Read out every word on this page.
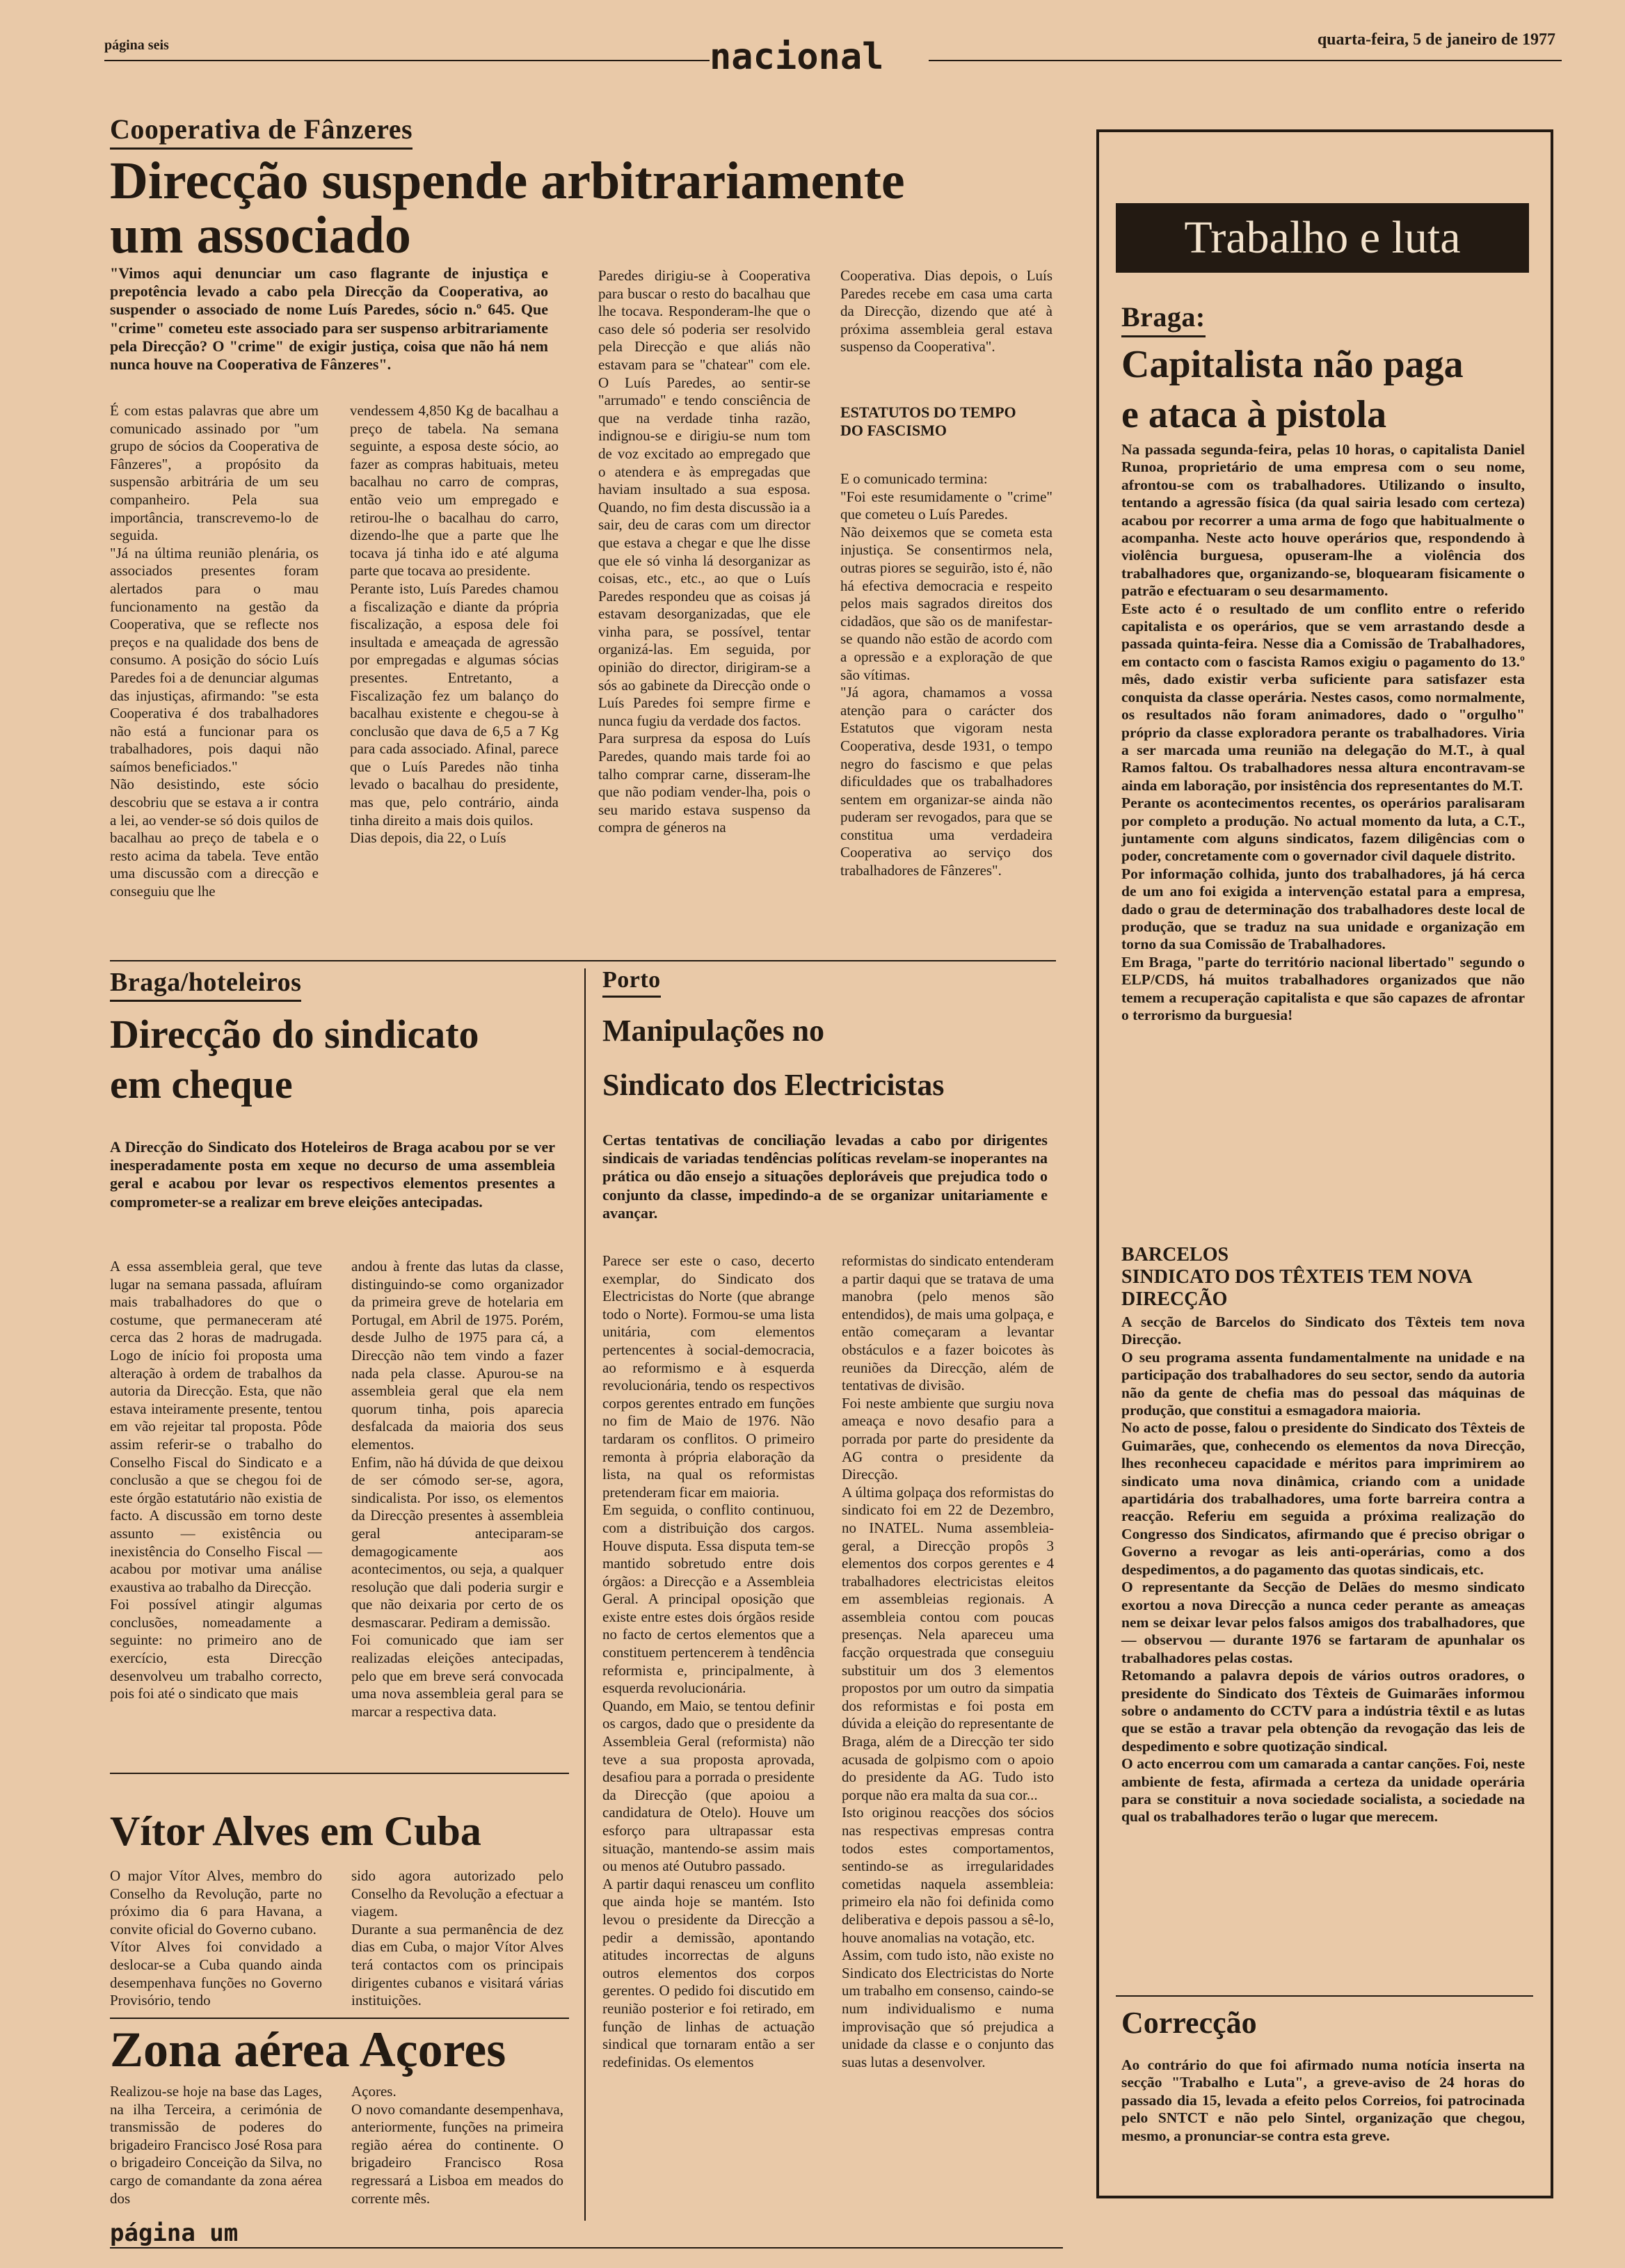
página seis	nacional	quarta-feira, 5 de janeiro de 1977
Cooperativa de Fânzeres
Direcção suspende arbitrariamente
um associado

"Vimos aqui denunciar um caso flagrante de injustiça e prepotência levado a cabo pela Direcção da Cooperativa, ao suspender o associado de nome Luís Paredes, sócio n.º 645. Que "crime" cometeu este associado para ser suspenso arbitrariamente pela Direcção? O "crime" de exigir justiça, coisa que não há nem nunca houve na Cooperativa de Fânzeres".

É com estas palavras que abre um comunicado assinado por "um grupo de sócios da Cooperativa de Fânzeres", a propósito da suspensão arbitrária de um seu companheiro. Pela sua importância, transcrevemo-lo de seguida.
"Já na última reunião plenária, os associados presentes foram alertados para o mau funcionamento na gestão da Cooperativa, que se reflecte nos preços e na qualidade dos bens de consumo. A posição do sócio Luís Paredes foi a de denunciar algumas das injustiças, afirmando: "se esta Cooperativa é dos trabalhadores não está a funcionar para os trabalhadores, pois daqui não saímos beneficiados."
Não desistindo, este sócio descobriu que se estava a ir contra a lei, ao vender-se só dois quilos de bacalhau ao preço de tabela e o resto acima da tabela. Teve então uma discussão com a direcção e conseguiu que lhe

vendessem 4,850 Kg de bacalhau a preço de tabela. Na semana seguinte, a esposa deste sócio, ao fazer as compras habituais, meteu bacalhau no carro de compras, então veio um empregado e retirou-lhe o bacalhau do carro, dizendo-lhe que a parte que lhe tocava já tinha ido e até alguma parte que tocava ao presidente.
Perante isto, Luís Paredes chamou a fiscalização e diante da própria fiscalização, a esposa dele foi insultada e ameaçada de agressão por empregadas e algumas sócias presentes. Entretanto, a Fiscalização fez um balanço do bacalhau existente e chegou-se à conclusão que dava de 6,5 a 7 Kg para cada associado. Afinal, parece que o Luís Paredes não tinha levado o bacalhau do presidente, mas que, pelo contrário, ainda tinha direito a mais dois quilos.
Dias depois, dia 22, o Luís

Paredes dirigiu-se à Cooperativa para buscar o resto do bacalhau que lhe tocava. Responderam-lhe que o caso dele só poderia ser resolvido pela Direcção e que aliás não estavam para se "chatear" com ele. O Luís Paredes, ao sentir-se "arrumado" e tendo consciência de que na verdade tinha razão, indignou-se e dirigiu-se num tom de voz excitado ao empregado que o atendera e às empregadas que haviam insultado a sua esposa. Quando, no fim desta discussão ia a sair, deu de caras com um director que estava a chegar e que lhe disse que ele só vinha lá desorganizar as coisas, etc., etc., ao que o Luís Paredes respondeu que as coisas já estavam desorganizadas, que ele vinha para, se possível, tentar organizá-las. Em seguida, por opinião do director, dirigiram-se a sós ao gabinete da Direcção onde o Luís Paredes foi sempre firme e nunca fugiu da verdade dos factos.
Para surpresa da esposa do Luís Paredes, quando mais tarde foi ao talho comprar carne, disseram-lhe que não podiam vender-lha, pois o seu marido estava suspenso da compra de géneros na

Cooperativa. Dias depois, o Luís Paredes recebe em casa uma carta da Direcção, dizendo que até à próxima assembleia geral estava suspenso da Cooperativa".

ESTATUTOS DO TEMPO DO FASCISMO

E o comunicado termina:
"Foi este resumidamente o "crime" que cometeu o Luís Paredes.
Não deixemos que se cometa esta injustiça. Se consentirmos nela, outras piores se seguirão, isto é, não há efectiva democracia e respeito pelos mais sagrados direitos dos cidadãos, que são os de manifestar-se quando não estão de acordo com a opressão e a exploração de que são vítimas.
"Já agora, chamamos a vossa atenção para o carácter dos Estatutos que vigoram nesta Cooperativa, desde 1931, o tempo negro do fascismo e que pelas dificuldades que os trabalhadores sentem em organizar-se ainda não puderam ser revogados, para que se constitua uma verdadeira Cooperativa ao serviço dos trabalhadores de Fânzeres".

Braga/hoteleiros
Direcção do sindicato
em cheque

A Direcção do Sindicato dos Hoteleiros de Braga acabou por se ver inesperadamente posta em xeque no decurso de uma assembleia geral e acabou por levar os respectivos elementos presentes a comprometer-se a realizar em breve eleições antecipadas.

A essa assembleia geral, que teve lugar na semana passada, afluíram mais trabalhadores do que o costume, que permaneceram até cerca das 2 horas de madrugada. Logo de início foi proposta uma alteração à ordem de trabalhos da autoria da Direcção. Esta, que não estava inteiramente presente, tentou em vão rejeitar tal proposta. Pôde assim referir-se o trabalho do Conselho Fiscal do Sindicato e a conclusão a que se chegou foi de este órgão estatutário não existia de facto. A discussão em torno deste assunto — existência ou inexistência do Conselho Fiscal — acabou por motivar uma análise exaustiva ao trabalho da Direcção.
Foi possível atingir algumas conclusões, nomeadamente a seguinte: no primeiro ano de exercício, esta Direcção desenvolveu um trabalho correcto, pois foi até o sindicato que mais

andou à frente das lutas da classe, distinguindo-se como organizador da primeira greve de hotelaria em Portugal, em Abril de 1975. Porém, desde Julho de 1975 para cá, a Direcção não tem vindo a fazer nada pela classe. Apurou-se na assembleia geral que ela nem quorum tinha, pois aparecia desfalcada da maioria dos seus elementos.
Enfim, não há dúvida de que deixou de ser cómodo ser-se, agora, sindicalista. Por isso, os elementos da Direcção presentes à assembleia geral anteciparam-se demagogicamente aos acontecimentos, ou seja, a qualquer resolução que dali poderia surgir e que não deixaria por certo de os desmascarar. Pediram a demissão.
Foi comunicado que iam ser realizadas eleições antecipadas, pelo que em breve será convocada uma nova assembleia geral para se marcar a respectiva data.

Porto
Manipulações no
Sindicato dos Electricistas

Certas tentativas de conciliação levadas a cabo por dirigentes sindicais de variadas tendências políticas revelam-se inoperantes na prática ou dão ensejo a situações deploráveis que prejudica todo o conjunto da classe, impedindo-a de se organizar unitariamente e avançar.

Parece ser este o caso, decerto exemplar, do Sindicato dos Electricistas do Norte (que abrange todo o Norte). Formou-se uma lista unitária, com elementos pertencentes à social-democracia, ao reformismo e à esquerda revolucionária, tendo os respectivos corpos gerentes entrado em funções no fim de Maio de 1976. Não tardaram os conflitos. O primeiro remonta à própria elaboração da lista, na qual os reformistas pretenderam ficar em maioria.
Em seguida, o conflito continuou, com a distribuição dos cargos. Houve disputa. Essa disputa tem-se mantido sobretudo entre dois órgãos: a Direcção e a Assembleia Geral. A principal oposição que existe entre estes dois órgãos reside no facto de certos elementos que a constituem pertencerem à tendência reformista e, principalmente, à esquerda revolucionária.
Quando, em Maio, se tentou definir os cargos, dado que o presidente da Assembleia Geral (reformista) não teve a sua proposta aprovada, desafiou para a porrada o presidente da Direcção (que apoiou a candidatura de Otelo). Houve um esforço para ultrapassar esta situação, mantendo-se assim mais ou menos até Outubro passado.
A partir daqui renasceu um conflito que ainda hoje se mantém. Isto levou o presidente da Direcção a pedir a demissão, apontando atitudes incorrectas de alguns outros elementos dos corpos gerentes. O pedido foi discutido em reunião posterior e foi retirado, em função de linhas de actuação sindical que tornaram então a ser redefinidas. Os elementos

reformistas do sindicato entenderam a partir daqui que se tratava de uma manobra (pelo menos são entendidos), de mais uma golpaça, e então começaram a levantar obstáculos e a fazer boicotes às reuniões da Direcção, além de tentativas de divisão.
Foi neste ambiente que surgiu nova ameaça e novo desafio para a porrada por parte do presidente da AG contra o presidente da Direcção.
A última golpaça dos reformistas do sindicato foi em 22 de Dezembro, no INATEL. Numa assembleia-geral, a Direcção propôs 3 elementos dos corpos gerentes e 4 trabalhadores electricistas eleitos em assembleias regionais. A assembleia contou com poucas presenças. Nela apareceu uma facção orquestrada que conseguiu substituir um dos 3 elementos propostos por um outro da simpatia dos reformistas e foi posta em dúvida a eleição do representante de Braga, além de a Direcção ter sido acusada de golpismo com o apoio do presidente da AG. Tudo isto porque não era malta da sua cor...
Isto originou reacções dos sócios nas respectivas empresas contra todos estes comportamentos, sentindo-se as irregularidades cometidas naquela assembleia: primeiro ela não foi definida como deliberativa e depois passou a sê-lo, houve anomalias na votação, etc.
Assim, com tudo isto, não existe no Sindicato dos Electricistas do Norte um trabalho em consenso, caindo-se num individualismo e numa improvisação que só prejudica a unidade da classe e o conjunto das suas lutas a desenvolver.

Vítor Alves em Cuba

O major Vítor Alves, membro do Conselho da Revolução, parte no próximo dia 6 para Havana, a convite oficial do Governo cubano.
Vítor Alves foi convidado a deslocar-se a Cuba quando ainda desempenhava funções no Governo Provisório, tendo

sido agora autorizado pelo Conselho da Revolução a efectuar a viagem.
Durante a sua permanência de dez dias em Cuba, o major Vítor Alves terá contactos com os principais dirigentes cubanos e visitará várias instituições.

Zona aérea Açores

Realizou-se hoje na base das Lages, na ilha Terceira, a cerimónia de transmissão de poderes do brigadeiro Francisco José Rosa para o brigadeiro Conceição da Silva, no cargo de comandante da zona aérea dos

Açores.
O novo comandante desempenhava, anteriormente, funções na primeira região aérea do continente. O brigadeiro Francisco Rosa regressará a Lisboa em meados do corrente mês.

página um
Trabalho e luta
Braga:
Capitalista não paga
e ataca à pistola

Na passada segunda-feira, pelas 10 horas, o capitalista Daniel Runoa, proprietário de uma empresa com o seu nome, afrontou-se com os trabalhadores. Utilizando o insulto, tentando a agressão física (da qual sairia lesado com certeza) acabou por recorrer a uma arma de fogo que habitualmente o acompanha. Neste acto houve operários que, respondendo à violência burguesa, opuseram-lhe a violência dos trabalhadores que, organizando-se, bloquearam fisicamente o patrão e efectuaram o seu desarmamento.
Este acto é o resultado de um conflito entre o referido capitalista e os operários, que se vem arrastando desde a passada quinta-feira. Nesse dia a Comissão de Trabalhadores, em contacto com o fascista Ramos exigiu o pagamento do 13.º mês, dado existir verba suficiente para satisfazer esta conquista da classe operária. Nestes casos, como normalmente, os resultados não foram animadores, dado o "orgulho" próprio da classe exploradora perante os trabalhadores. Viria a ser marcada uma reunião na delegação do M.T., à qual Ramos faltou. Os trabalhadores nessa altura encontravam-se ainda em laboração, por insistência dos representantes do M.T.
Perante os acontecimentos recentes, os operários paralisaram por completo a produção. No actual momento da luta, a C.T., juntamente com alguns sindicatos, fazem diligências com o poder, concretamente com o governador civil daquele distrito.
Por informação colhida, junto dos trabalhadores, já há cerca de um ano foi exigida a intervenção estatal para a empresa, dado o grau de determinação dos trabalhadores deste local de produção, que se traduz na sua unidade e organização em torno da sua Comissão de Trabalhadores.
Em Braga, "parte do território nacional libertado" segundo o ELP/CDS, há muitos trabalhadores organizados que não temem a recuperação capitalista e que são capazes de afrontar o terrorismo da burguesia!

BARCELOS
SINDICATO DOS TÊXTEIS TEM NOVA DIRECÇÃO

A secção de Barcelos do Sindicato dos Têxteis tem nova Direcção.
O seu programa assenta fundamentalmente na unidade e na participação dos trabalhadores do seu sector, sendo da autoria não da gente de chefia mas do pessoal das máquinas de produção, que constitui a esmagadora maioria.
No acto de posse, falou o presidente do Sindicato dos Têxteis de Guimarães, que, conhecendo os elementos da nova Direcção, lhes reconheceu capacidade e méritos para imprimirem ao sindicato uma nova dinâmica, criando com a unidade apartidária dos trabalhadores, uma forte barreira contra a reacção. Referiu em seguida a próxima realização do Congresso dos Sindicatos, afirmando que é preciso obrigar o Governo a revogar as leis anti-operárias, como a dos despedimentos, a do pagamento das quotas sindicais, etc.
O representante da Secção de Delães do mesmo sindicato exortou a nova Direcção a nunca ceder perante as ameaças nem se deixar levar pelos falsos amigos dos trabalhadores, que — observou — durante 1976 se fartaram de apunhalar os trabalhadores pelas costas.
Retomando a palavra depois de vários outros oradores, o presidente do Sindicato dos Têxteis de Guimarães informou sobre o andamento do CCTV para a indústria têxtil e as lutas que se estão a travar pela obtenção da revogação das leis de despedimento e sobre quotização sindical.
O acto encerrou com um camarada a cantar canções. Foi, neste ambiente de festa, afirmada a certeza da unidade operária para se constituir a nova sociedade socialista, a sociedade na qual os trabalhadores terão o lugar que merecem.

Correcção

Ao contrário do que foi afirmado numa notícia inserta na secção "Trabalho e Luta", a greve-aviso de 24 horas do passado dia 15, levada a efeito pelos Correios, foi patrocinada pelo SNTCT e não pelo Sintel, organização que chegou, mesmo, a pronunciar-se contra esta greve.
